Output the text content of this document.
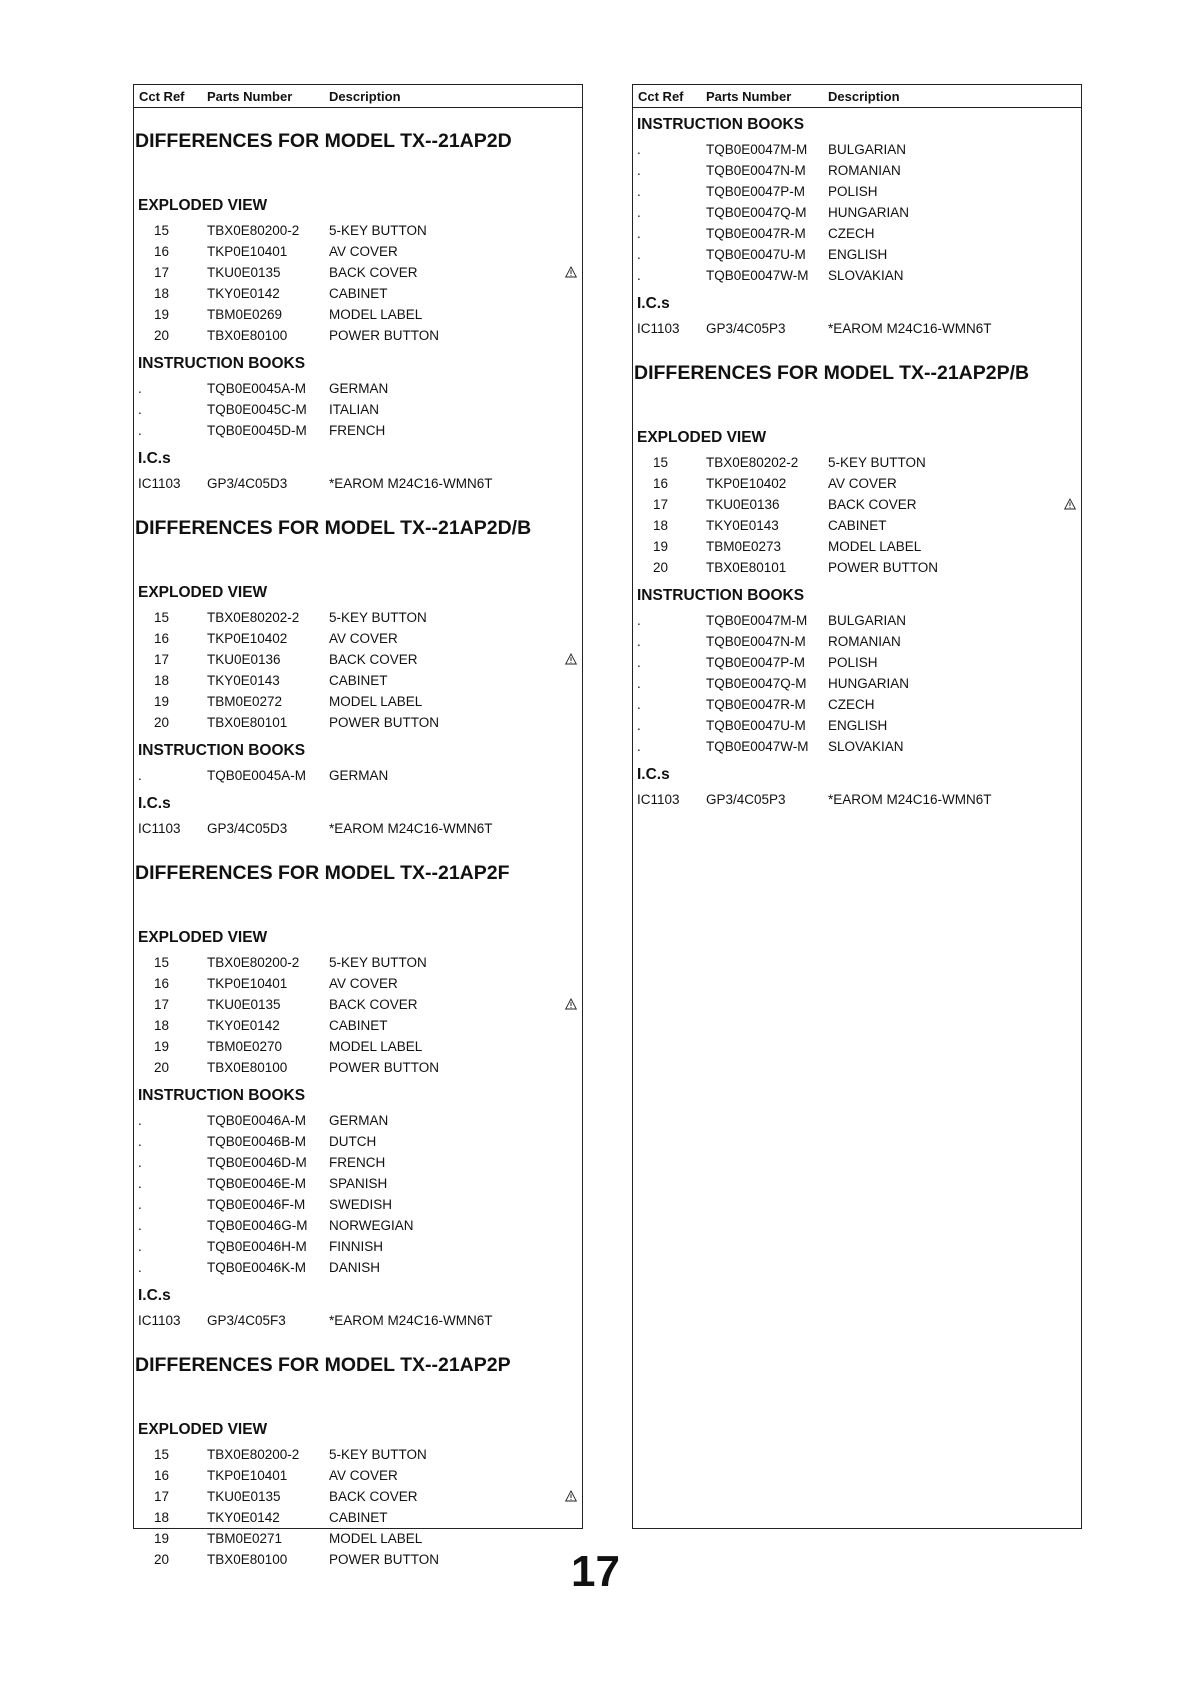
Cct Ref Parts Number	Description
DIFFERENCES FOR MODEL TX--21AP2D
EXPLODED VIEW
15	TBX0E80200-2 5-KEY BUTTON
16	TKP0E10401	AV COVER
17	TKU0E0135	BACK COVER
18	TKY0E0142	CABINET
19	TBM0E0269	MODEL LABEL
20	TBX0E80100	POWER BUTTON
INSTRUCTION BOOKS
.	TQB0E0045A-M GERMAN
.	TQB0E0045C-M ITALIAN
.	TQB0E0045D-M FRENCH
I.C.s
IC1103 GP3/4C05D3	*EAROM M24C16-WMN6T
DIFFERENCES FOR MODEL TX--21AP2D/B
EXPLODED VIEW
15	TBX0E80202-2 5-KEY BUTTON
16	TKP0E10402	AV COVER
17	TKU0E0136	BACK COVER
18	TKY0E0143	CABINET
19	TBM0E0272	MODEL LABEL
20	TBX0E80101	POWER BUTTON
INSTRUCTION BOOKS
.	TQB0E0045A-M GERMAN
I.C.s
IC1103 GP3/4C05D3	*EAROM M24C16-WMN6T
DIFFERENCES FOR MODEL TX--21AP2F
EXPLODED VIEW
15	TBX0E80200-2 5-KEY BUTTON
16	TKP0E10401	AV COVER
17	TKU0E0135	BACK COVER
18	TKY0E0142	CABINET
19	TBM0E0270	MODEL LABEL
20	TBX0E80100	POWER BUTTON
INSTRUCTION BOOKS
.	TQB0E0046A-M GERMAN
.	TQB0E0046B-M DUTCH
.	TQB0E0046D-M FRENCH
.	TQB0E0046E-M SPANISH
.	TQB0E0046F-M SWEDISH
.	TQB0E0046G-M NORWEGIAN
.	TQB0E0046H-M FINNISH
.	TQB0E0046K-M DANISH
I.C.s
IC1103 GP3/4C05F3	*EAROM M24C16-WMN6T
DIFFERENCES FOR MODEL TX--21AP2P
EXPLODED VIEW
15	TBX0E80200-2 5-KEY BUTTON
16	TKP0E10401	AV COVER
17	TKU0E0135	BACK COVER
18	TKY0E0142	CABINET
19	TBM0E0271	MODEL LABEL
20	TBX0E80100	POWER BUTTON
Cct Ref Parts Number	Description
INSTRUCTION BOOKS
.	TQB0E0047M-M BULGARIAN
.	TQB0E0047N-M ROMANIAN
.	TQB0E0047P-M POLISH
.	TQB0E0047Q-M HUNGARIAN
.	TQB0E0047R-M CZECH
.	TQB0E0047U-M ENGLISH
.	TQB0E0047W-M SLOVAKIAN
I.C.s
IC1103 GP3/4C05P3	*EAROM M24C16-WMN6T
DIFFERENCES FOR MODEL TX--21AP2P/B
EXPLODED VIEW
15	TBX0E80202-2 5-KEY BUTTON
16	TKP0E10402	AV COVER
17	TKU0E0136	BACK COVER
18	TKY0E0143	CABINET
19	TBM0E0273	MODEL LABEL
20	TBX0E80101	POWER BUTTON
INSTRUCTION BOOKS
.	TQB0E0047M-M BULGARIAN
.	TQB0E0047N-M ROMANIAN
.	TQB0E0047P-M POLISH
.	TQB0E0047Q-M HUNGARIAN
.	TQB0E0047R-M CZECH
.	TQB0E0047U-M ENGLISH
.	TQB0E0047W-M SLOVAKIAN
I.C.s
IC1103 GP3/4C05P3	*EAROM M24C16-WMN6T
17
